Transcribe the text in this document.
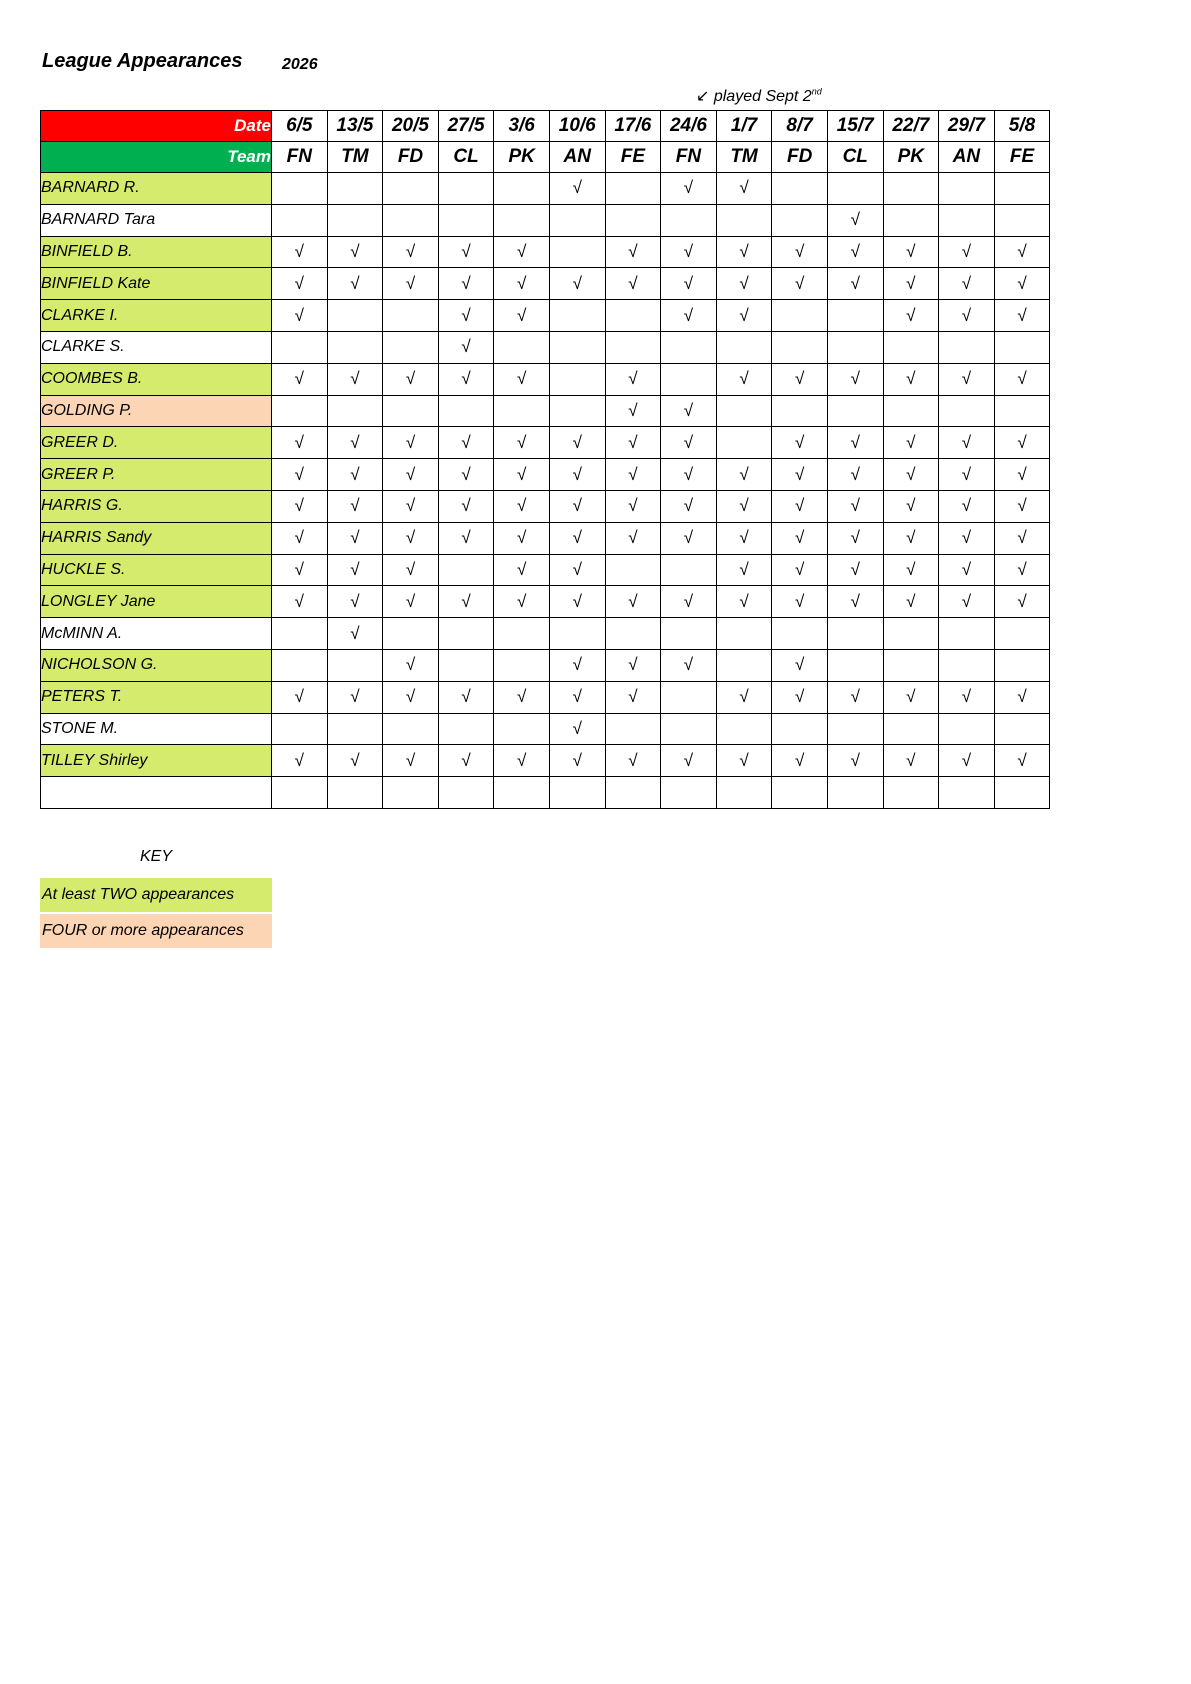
League Appearances 2026
↙ played Sept 2nd
Date	6/5	13/5	20/5	27/5	3/6	10/6	17/6	24/6	1/7	8/7	15/7	22/7	29/7	5/8
Team	FN	TM	FD	CL	PK	AN	FE	FN	TM	FD	CL	PK	AN	FE
BARNARD R.						√		√	√					
BARNARD Tara											√			
BINFIELD B.	√	√	√	√	√		√	√	√	√	√	√	√	√
BINFIELD Kate	√	√	√	√	√	√	√	√	√	√	√	√	√	√
CLARKE I.	√			√	√			√	√			√	√	√
CLARKE S.				√										
COOMBES B.	√	√	√	√	√		√		√	√	√	√	√	√
GOLDING P.							√	√						
GREER D.	√	√	√	√	√	√	√	√		√	√	√	√	√
GREER P.	√	√	√	√	√	√	√	√	√	√	√	√	√	√
HARRIS G.	√	√	√	√	√	√	√	√	√	√	√	√	√	√
HARRIS Sandy	√	√	√	√	√	√	√	√	√	√	√	√	√	√
HUCKLE S.	√	√	√		√	√			√	√	√	√	√	√
LONGLEY Jane	√	√	√	√	√	√	√	√	√	√	√	√	√	√
McMINN A.		√												
NICHOLSON G.			√			√	√	√		√				
PETERS T.	√	√	√	√	√	√	√		√	√	√	√	√	√
STONE M.						√								
TILLEY Shirley	√	√	√	√	√	√	√	√	√	√	√	√	√	√

KEY
At least TWO appearances
FOUR or more appearances
